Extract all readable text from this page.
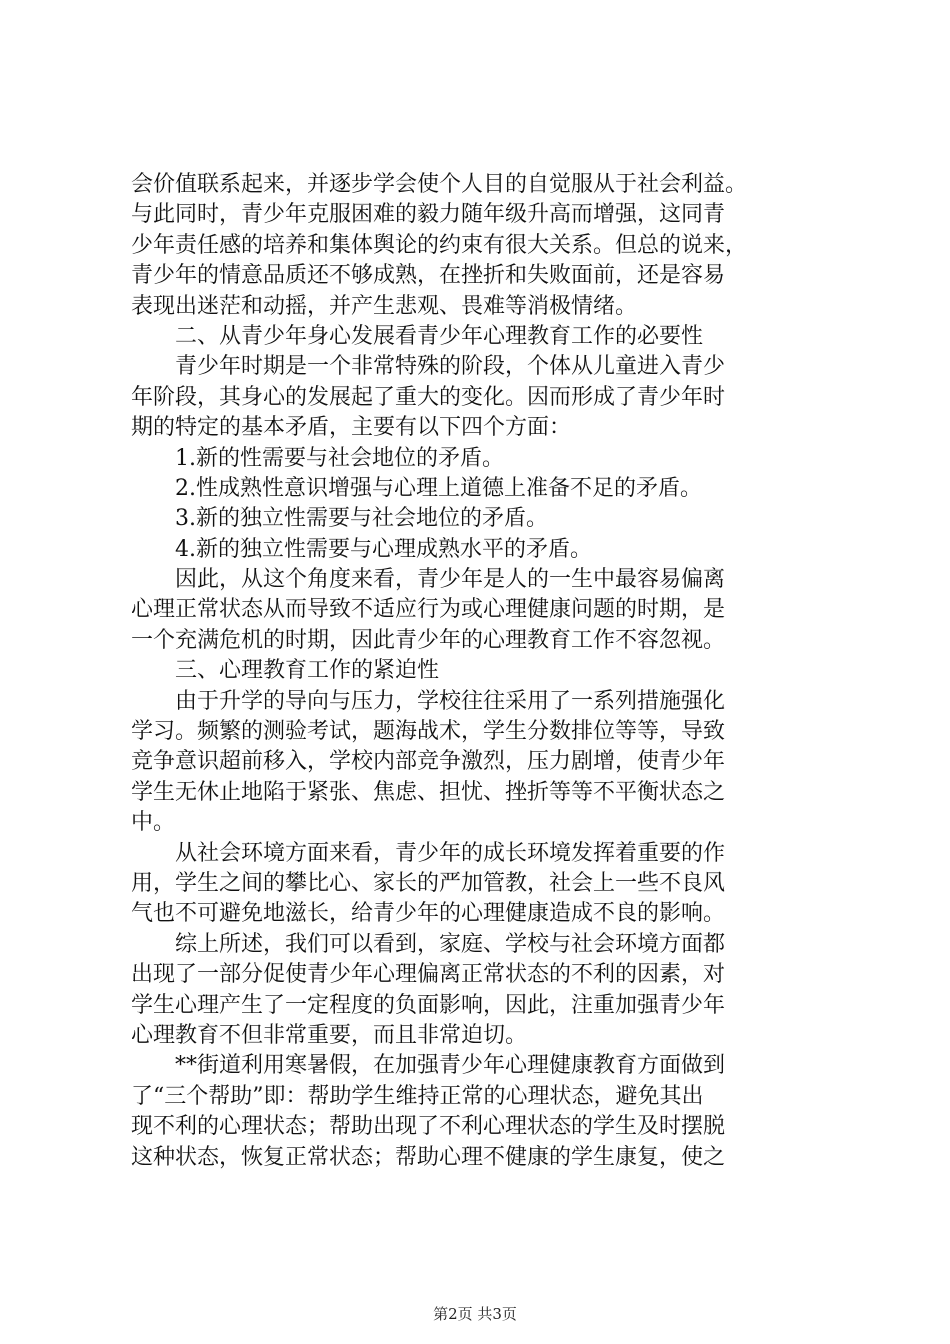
会价值联系起来，并逐步学会使个人目的自觉服从于社会利益。
与此同时，青少年克服困难的毅力随年级升高而增强，这同青
少年责任感的培养和集体舆论的约束有很大关系。但总的说来，
青少年的情意品质还不够成熟，在挫折和失败面前，还是容易
表现出迷茫和动摇，并产生悲观、畏难等消极情绪。
二、从青少年身心发展看青少年心理教育工作的必要性
青少年时期是一个非常特殊的阶段，个体从儿童进入青少
年阶段，其身心的发展起了重大的变化。因而形成了青少年时
期的特定的基本矛盾，主要有以下四个方面：
1.新的性需要与社会地位的矛盾。
2.性成熟性意识增强与心理上道德上准备不足的矛盾。
3.新的独立性需要与社会地位的矛盾。
4.新的独立性需要与心理成熟水平的矛盾。
因此，从这个角度来看，青少年是人的一生中最容易偏离
心理正常状态从而导致不适应行为或心理健康问题的时期，是
一个充满危机的时期，因此青少年的心理教育工作不容忽视。
三、心理教育工作的紧迫性
由于升学的导向与压力，学校往往采用了一系列措施强化
学习。频繁的测验考试，题海战术，学生分数排位等等，导致
竞争意识超前移入，学校内部竞争激烈，压力剧增，使青少年
学生无休止地陷于紧张、焦虑、担忧、挫折等等不平衡状态之
中。
从社会环境方面来看，青少年的成长环境发挥着重要的作
用，学生之间的攀比心、家长的严加管教，社会上一些不良风
气也不可避免地滋长，给青少年的心理健康造成不良的影响。
综上所述，我们可以看到，家庭、学校与社会环境方面都
出现了一部分促使青少年心理偏离正常状态的不利的因素，对
学生心理产生了一定程度的负面影响，因此，注重加强青少年
心理教育不但非常重要，而且非常迫切。
**街道利用寒暑假，在加强青少年心理健康教育方面做到
了“三个帮助”即：帮助学生维持正常的心理状态，避免其出
现不利的心理状态；帮助出现了不利心理状态的学生及时摆脱
这种状态，恢复正常状态；帮助心理不健康的学生康复，使之
第2页 共3页
